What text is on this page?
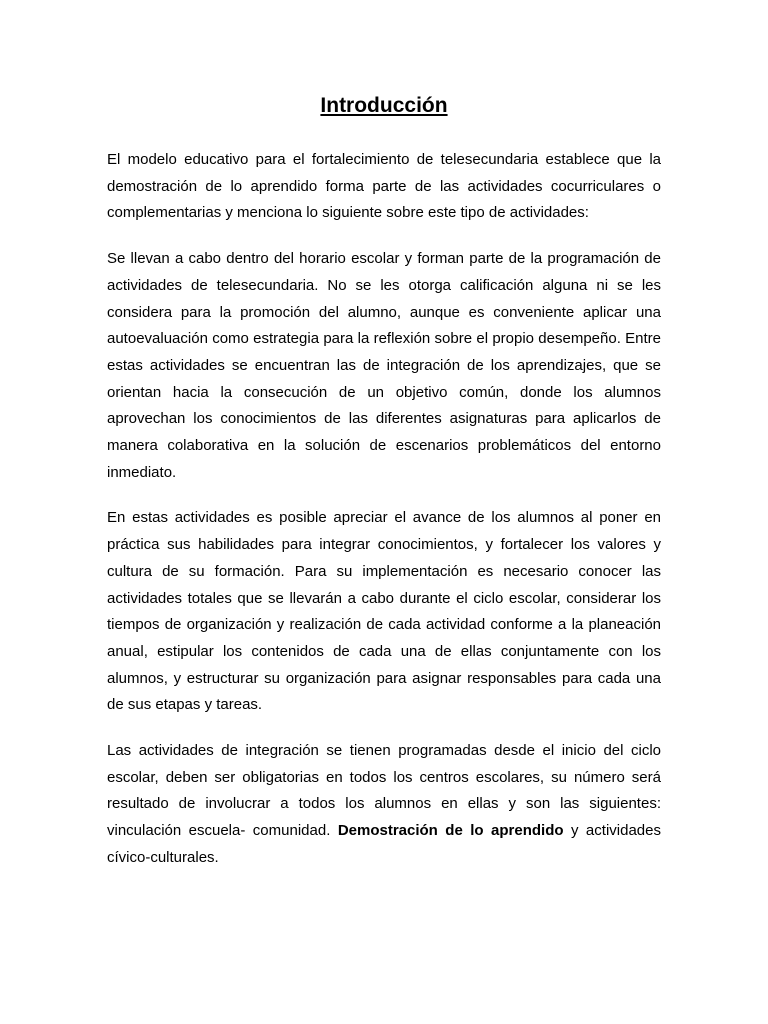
Introducción

El modelo educativo para el fortalecimiento de telesecundaria establece que la demostración de lo aprendido forma parte de las actividades cocurriculares o complementarias y menciona lo siguiente sobre este tipo de actividades:

Se llevan a cabo dentro del horario escolar y forman parte de la programación de actividades de telesecundaria. No se les otorga calificación alguna ni se les considera para la promoción del alumno, aunque es conveniente aplicar una autoevaluación como estrategia para la reflexión sobre el propio desempeño. Entre estas actividades se encuentran las de integración de los aprendizajes, que se orientan hacia la consecución de un objetivo común, donde los alumnos aprovechan los conocimientos de las diferentes asignaturas para aplicarlos de manera colaborativa en la solución de escenarios problemáticos del entorno inmediato.

En estas actividades es posible apreciar el avance de los alumnos al poner en práctica sus habilidades para integrar conocimientos, y fortalecer los valores y cultura de su formación. Para su implementación es necesario conocer las actividades totales que se llevarán a cabo durante el ciclo escolar, considerar los tiempos de organización y realización de cada actividad conforme a la planeación anual, estipular los contenidos de cada una de ellas conjuntamente con los alumnos, y estructurar su organización para asignar responsables para cada una de sus etapas y tareas.

Las actividades de integración se tienen programadas desde el inicio del ciclo escolar, deben ser obligatorias en todos los centros escolares, su número será resultado de involucrar a todos los alumnos en ellas y son las siguientes: vinculación escuela- comunidad. Demostración de lo aprendido y actividades cívico-culturales.
